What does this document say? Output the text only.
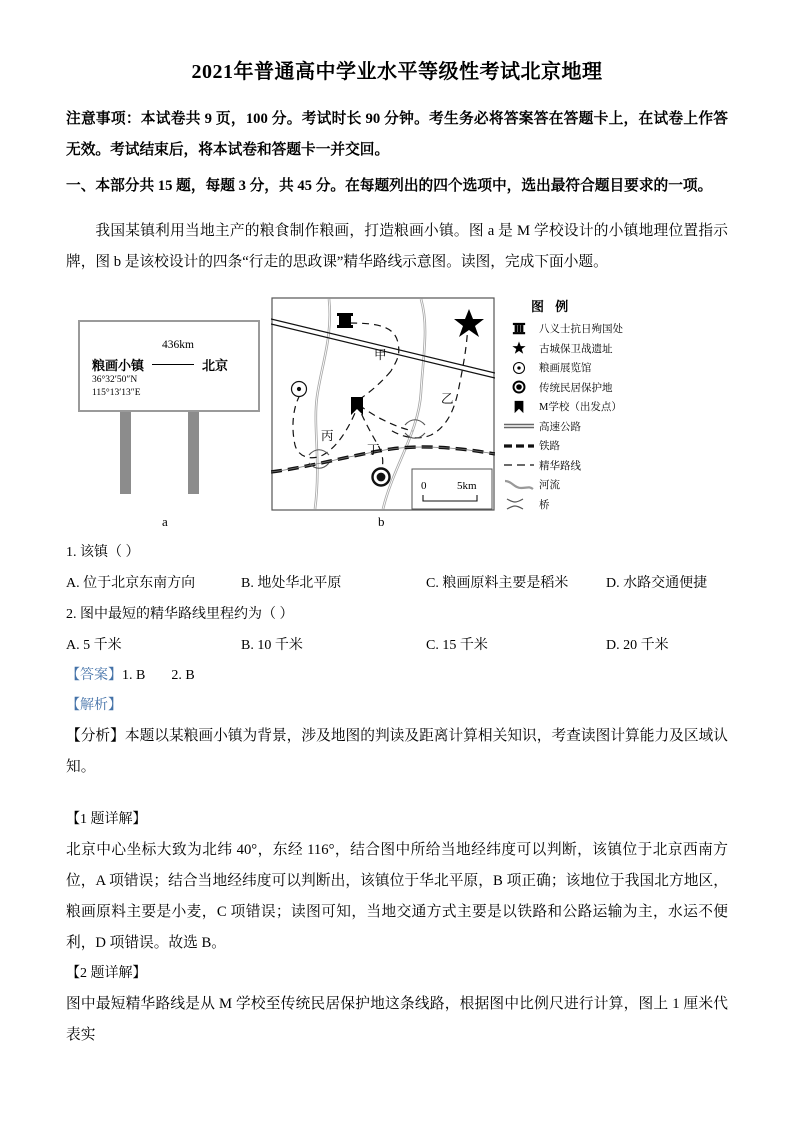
2021年普通高中学业水平等级性考试北京地理

注意事项：本试卷共 9 页，100 分。考试时长 90 分钟。考生务必将答案答在答题卡上，在试卷上作答无效。考试结束后，将本试卷和答题卡一并交回。

一、本部分共 15 题，每题 3 分，共 45 分。在每题列出的四个选项中，选出最符合题目要求的一项。

我国某镇利用当地主产的粮食制作粮画，打造粮画小镇。图 a 是 M 学校设计的小镇地理位置指示牌，图 b 是该校设计的四条“行走的思政课”精华路线示意图。读图，完成下面小题。

436km
粮画小镇	北京
36°32′50″N
115°13′13″E
甲
乙
丙
丁
0	5km
图 例
八义士抗日殉国处
古城保卫战遗址
粮画展览馆
传统民居保护地
M学校（出发点）
高速公路
铁路
精华路线
河流
桥
a	b

1. 该镇（ ）

A. 位于北京东南方向	B. 地处华北平原	C. 粮画原料主要是稻米	D. 水路交通便捷

2. 图中最短的精华路线里程约为（ ）

A. 5 千米	B. 10 千米	C. 15 千米	D. 20 千米

【答案】1. B 2. B

【解析】

【分析】本题以某粮画小镇为背景，涉及地图的判读及距离计算相关知识，考查读图计算能力及区域认知。

【1 题详解】

北京中心坐标大致为北纬 40°，东经 116°，结合图中所给当地经纬度可以判断，该镇位于北京西南方位，A 项错误；结合当地经纬度可以判断出，该镇位于华北平原，B 项正确；该地位于我国北方地区，粮画原料主要是小麦，C 项错误；读图可知，当地交通方式主要是以铁路和公路运输为主，水运不便利，D 项错误。故选 B。

【2 题详解】

图中最短精华路线是从 M 学校至传统民居保护地这条线路，根据图中比例尺进行计算，图上 1 厘米代表实
